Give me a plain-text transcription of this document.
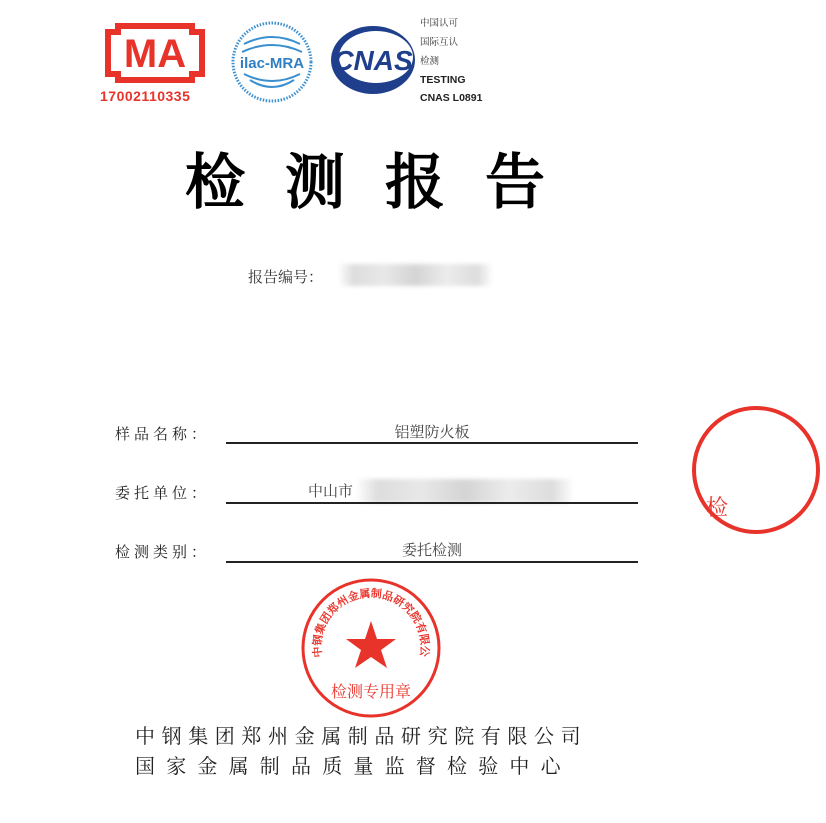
MA
17002110335
ilac-MRA CNAS
中国认可
国际互认
检测
TESTING
CNAS L0891
检测报告
报告编号：
样品名称：	铝塑防火板
委托单位：	中山市
检测类别：	委托检测
检
中钢集团郑州金属制品研究院有限公
检测专用章
中钢集团郑州金属制品研究院有限公司
国家金属制品质量监督检验中心
